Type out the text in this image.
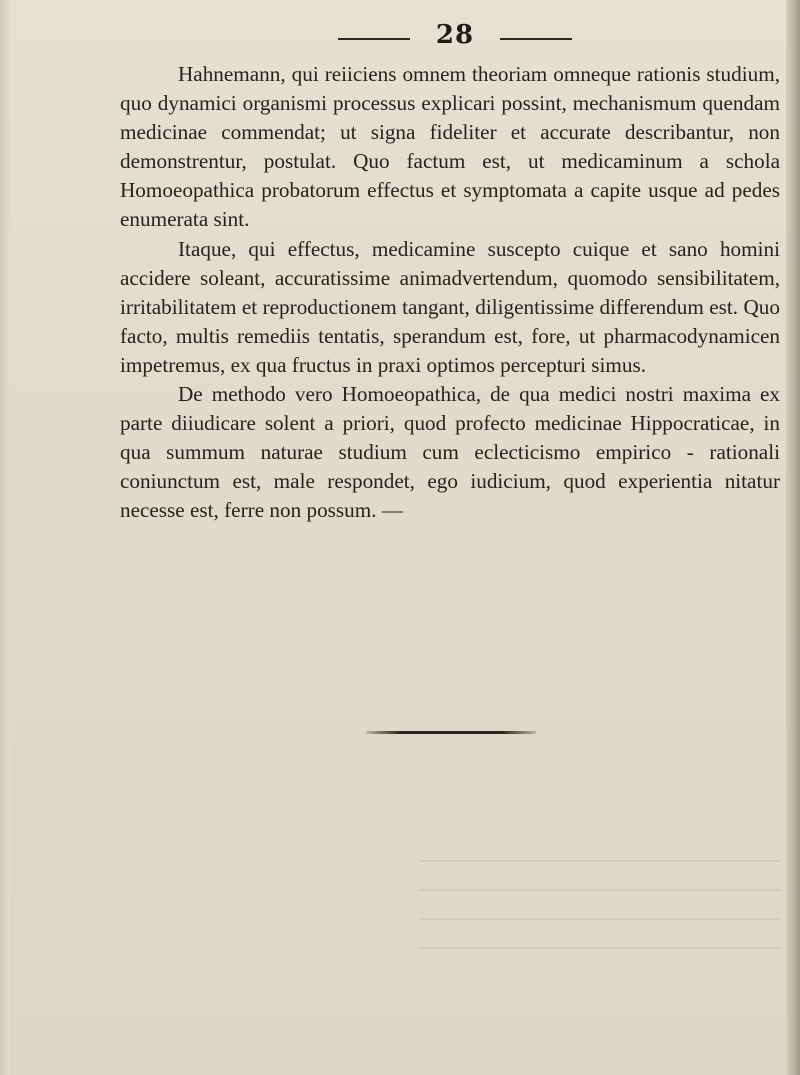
28

Hahnemann, qui reiiciens omnem theoriam omneque rationis studium, quo dynamici organismi processus explicari possint, mechanismum quendam medicinae commendat; ut signa fideliter et accurate describantur, non demonstrentur, postulat. Quo factum est, ut medicaminum a schola Homoeopathica probatorum effectus et symptomata a capite usque ad pedes enumerata sint.

Itaque, qui effectus, medicamine suscepto cuique et sano homini accidere soleant, accuratissime animadvertendum, quomodo sensibilitatem, irritabilitatem et reproductionem tangant, diligentissime differendum est. Quo facto, multis remediis tentatis, sperandum est, fore, ut pharmacodynamicen impetremus, ex qua fructus in praxi optimos percepturi simus.

De methodo vero Homoeopathica, de qua medici nostri maxima ex parte diiudicare solent a priori, quod profecto medicinae Hippocraticae, in qua summum naturae studium cum eclecticismo empirico - rationali coniunctum est, male respondet, ego iudicium, quod experientia nitatur necesse est, ferre non possum. —
